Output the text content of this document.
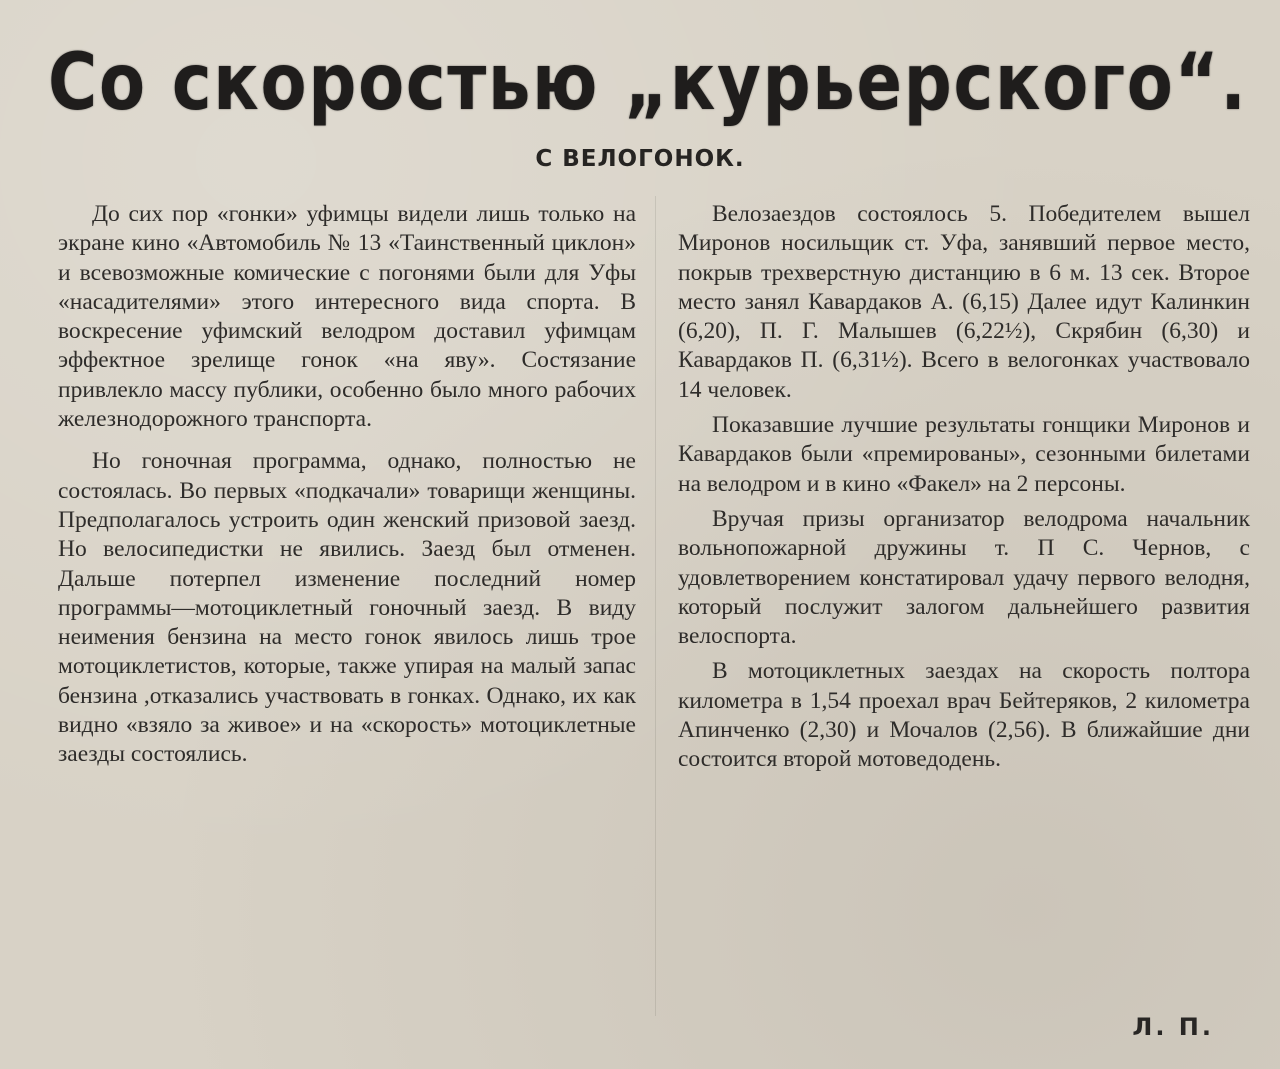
Со скоростью „курьерского“.
С ВЕЛОГОНОК.

До сих пор «гонки» уфимцы видели лишь только на экране кино «Автомобиль № 13 «Таинственный циклон» и всевозможные комические с погонями были для Уфы «насадителями» этого интересного вида спорта. В воскресение уфимский велодром доставил уфимцам эффектное зрелище гонок «на яву». Состязание привлекло массу публики, особенно было много рабочих железнодорожного транспорта.

Но гоночная программа, однако, полностью не состоялась. Во первых «подкачали» товарищи женщины. Предполагалось устроить один женский призовой заезд. Но велосипедистки не явились. Заезд был отменен. Дальше потерпел изменение последний номер программы—мотоциклетный гоночный заезд. В виду неимения бензина на место гонок явилось лишь трое мотоциклетистов, которые, также упирая на малый запас бензина ,отказались участвовать в гонках. Однако, их как видно «взяло за живое» и на «скорость» мотоциклетные заезды состоялись.

Велозаездов состоялось 5. Победителем вышел Миронов носильщик ст. Уфа, занявший первое место, покрыв трехверстную дистанцию в 6 м. 13 сек. Второе место занял Кавардаков А. (6,15) Далее идут Калинкин (6,20), П. Г. Малышев (6,22½), Скрябин (6,30) и Кавардаков П. (6,31½). Всего в велогонках участвовало 14 человек.

Показавшие лучшие результаты гонщики Миронов и Кавардаков были «премированы», сезонными билетами на велодром и в кино «Факел» на 2 персоны.

Вручая призы организатор велодрома начальник вольнопожарной дружины т. П С. Чернов, с удовлетворением констатировал удачу первого велодня, который послужит залогом дальнейшего развития велоспорта.

В мотоциклетных заездах на скорость полтора километра в 1,54 проехал врач Бейтеряков, 2 километра Апинченко (2,30) и Мочалов (2,56). В ближайшие дни состоится второй мотоведодень.

Л. П.
